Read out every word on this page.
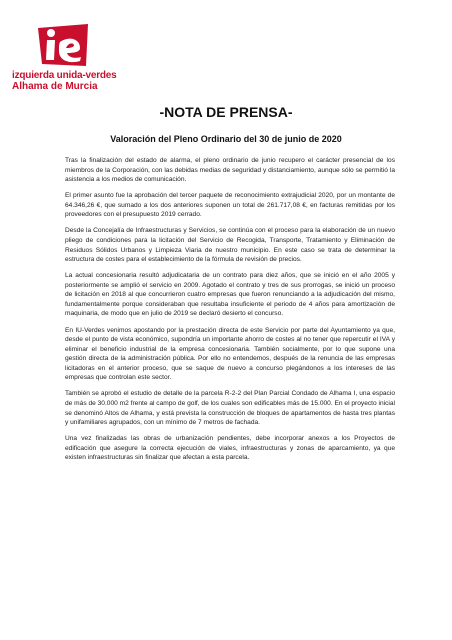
izquierda unida-verdes
Alhama de Murcia
-NOTA DE PRENSA-
Valoración del Pleno Ordinario del 30 de junio de 2020

Tras la finalización del estado de alarma, el pleno ordinario de junio recupero el carácter presencial de los miembros de la Corporación, con las debidas medias de seguridad y distanciamiento, aunque sólo se permitió la asistencia a los medios de comunicación.

El primer asunto fue la aprobación del tercer paquete de reconocimiento extrajudicial 2020, por un montante de 64.346,26 €, que sumado a los dos anteriores suponen un total de 261.717,08 €, en facturas remitidas por los proveedores con el presupuesto 2019 cerrado.

Desde la Concejalía de Infraestructuras y Servicios, se continúa con el proceso para la elaboración de un nuevo pliego de condiciones para la licitación del Servicio de Recogida, Transporte, Tratamiento y Eliminación de Residuos Sólidos Urbanos y Limpieza Viaria de nuestro municipio. En este caso se trata de determinar la estructura de costes para el establecimiento de la fórmula de revisión de precios.

La actual concesionaria resultó adjudicataria de un contrato para diez años, que se inició en el año 2005 y posteriormente se amplió el servicio en 2009. Agotado el contrato y tres de sus prorrogas, se inició un proceso de licitación en 2018 al que concurrieron cuatro empresas que fueron renunciando a la adjudicación del mismo, fundamentalmente porque consideraban que resultaba insuficiente el periodo de 4 años para amortización de maquinaria, de modo que en julio de 2019 se declaró desierto el concurso.

En IU-Verdes venimos apostando por la prestación directa de este Servicio por parte del Ayuntamiento ya que, desde el punto de vista económico, supondría un importante ahorro de costes al no tener que repercutir el IVA y eliminar el beneficio industrial de la empresa concesionaria. También socialmente, por lo que supone una gestión directa de la administración pública. Por ello no entendemos, después de la renuncia de las empresas licitadoras en el anterior proceso, que se saque de nuevo a concurso plegándonos a los intereses de las empresas que controlan este sector.

También se aprobó el estudio de detalle de la parcela R-2-2 del Plan Parcial Condado de Alhama I, una espacio de más de 30.000 m2 frente al campo de golf, de los cuales son edificables más de 15.000. En el proyecto inicial se denominó Altos de Alhama, y está prevista la construcción de bloques de apartamentos de hasta tres plantas y unifamiliares agrupados, con un mínimo de 7 metros de fachada.

Una vez finalizadas las obras de urbanización pendientes, debe incorporar anexos a los Proyectos de edificación que asegure la correcta ejecución de viales, infraestructuras y zonas de aparcamiento, ya que existen infraestructuras sin finalizar que afectan a esta parcela.
